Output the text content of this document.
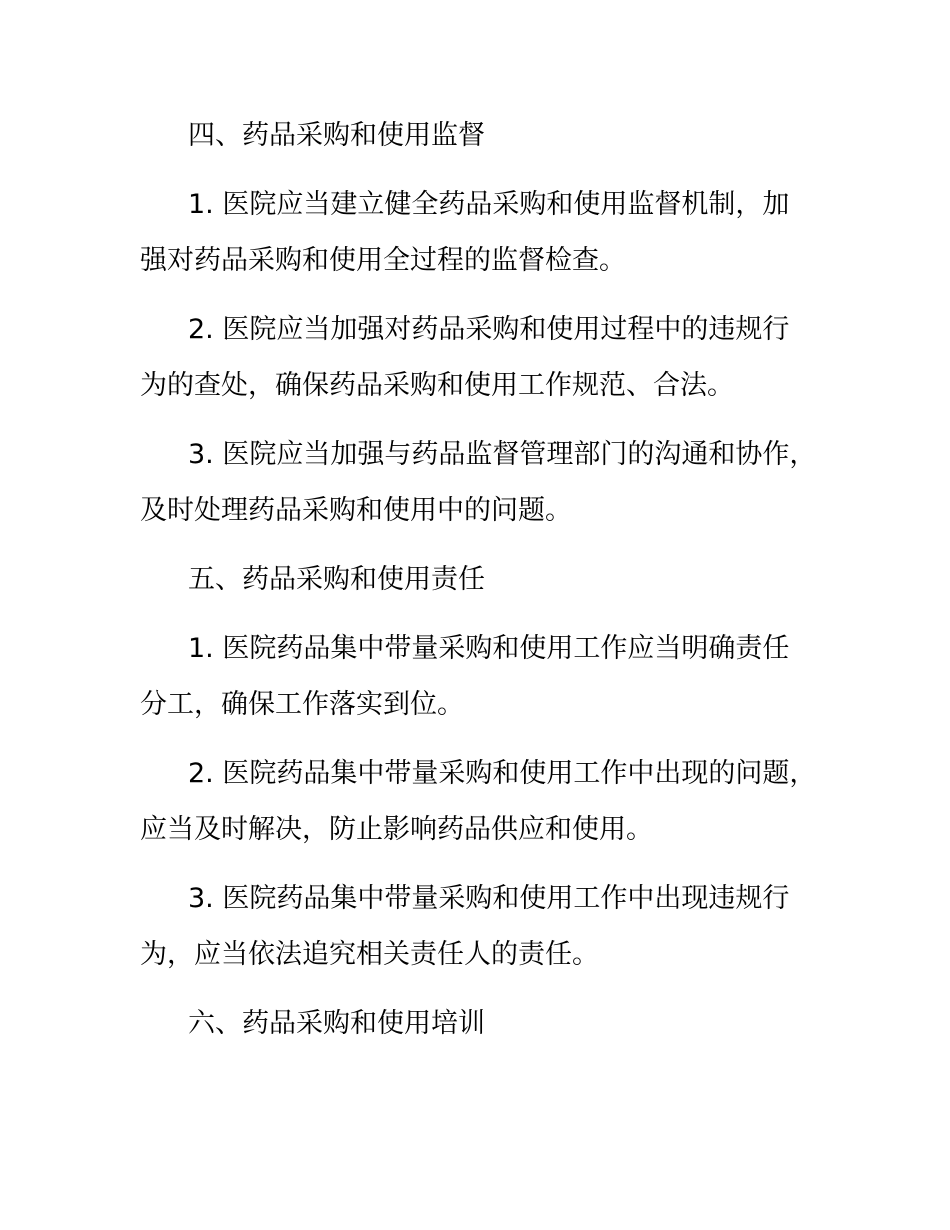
四、药品采购和使用监督

1. 医院应当建立健全药品采购和使用监督机制，加
强对药品采购和使用全过程的监督检查。

2. 医院应当加强对药品采购和使用过程中的违规行
为的查处，确保药品采购和使用工作规范、合法。

3. 医院应当加强与药品监督管理部门的沟通和协作，
及时处理药品采购和使用中的问题。

五、药品采购和使用责任

1. 医院药品集中带量采购和使用工作应当明确责任
分工，确保工作落实到位。

2. 医院药品集中带量采购和使用工作中出现的问题，
应当及时解决，防止影响药品供应和使用。

3. 医院药品集中带量采购和使用工作中出现违规行
为，应当依法追究相关责任人的责任。

六、药品采购和使用培训
